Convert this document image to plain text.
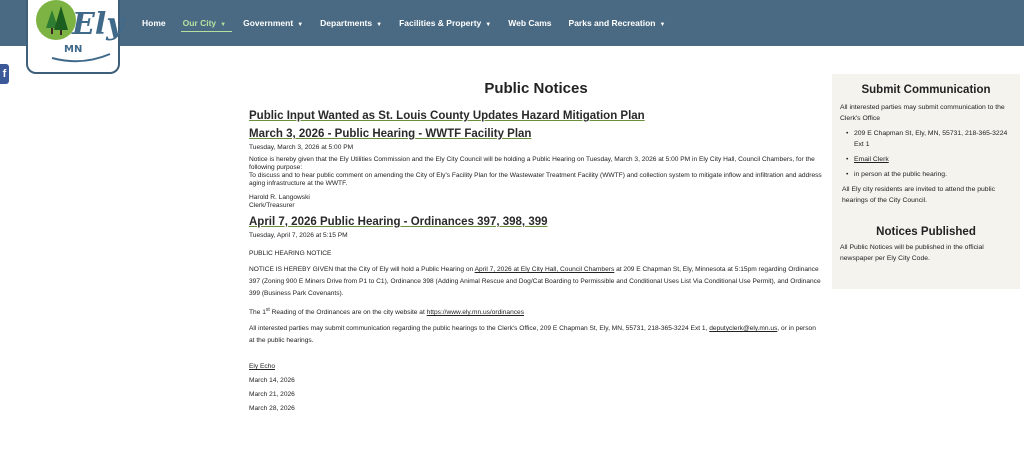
Home Our City ▼ Government ▼ Departments ▼ Facilities & Property ▼ Web Cams Parks and Recreation ▼
Ely
MN
f
Public Notices
Public Input Wanted as St. Louis County Updates Hazard Mitigation Plan
March 3, 2026 - Public Hearing - WWTF Facility Plan

Tuesday, March 3, 2026 at 5:00 PM

Notice is hereby given that the Ely Utilities Commission and the Ely City Council will be holding a Public Hearing on Tuesday, March 3, 2026 at 5:00 PM in Ely City Hall, Council Chambers, for the following purpose:

To discuss and to hear public comment on amending the City of Ely's Facility Plan for the Wastewater Treatment Facility (WWTF) and collection system to mitigate inflow and infiltration and address aging infrastructure at the WWTF.

Harold R. Langowski

Clerk/Treasurer

April 7, 2026 Public Hearing - Ordinances 397, 398, 399

Tuesday, April 7, 2026 at 5:15 PM

PUBLIC HEARING NOTICE

NOTICE IS HEREBY GIVEN that the City of Ely will hold a Public Hearing on April 7, 2026 at Ely City Hall, Council Chambers at 209 E Chapman St, Ely, Minnesota at 5:15pm regarding Ordinance 397 (Zoning 900 E Miners Drive from P1 to C1), Ordinance 398 (Adding Animal Rescue and Dog/Cat Boarding to Permissible and Conditional Uses List Via Conditional Use Permit), and Ordinance 399 (Business Park Covenants).

The 1st Reading of the Ordinances are on the city website at https://www.ely.mn.us/ordinances

All interested parties may submit communication regarding the public hearings to the Clerk's Office, 209 E Chapman St, Ely, MN, 55731, 218-365-3224 Ext 1, deputyclerk@ely.mn.us, or in person at the public hearings.

Ely Echo

March 14, 2026

March 21, 2026

March 28, 2026

Submit Communication

All interested parties may submit communication to the Clerk's Office

• 209 E Chapman St, Ely, MN, 55731, 218-365-3224 Ext 1
• Email Clerk
• in person at the public hearing.

All Ely city residents are invited to attend the public hearings of the City Council.

Notices Published

All Public Notices will be published in the official newspaper per Ely City Code.
